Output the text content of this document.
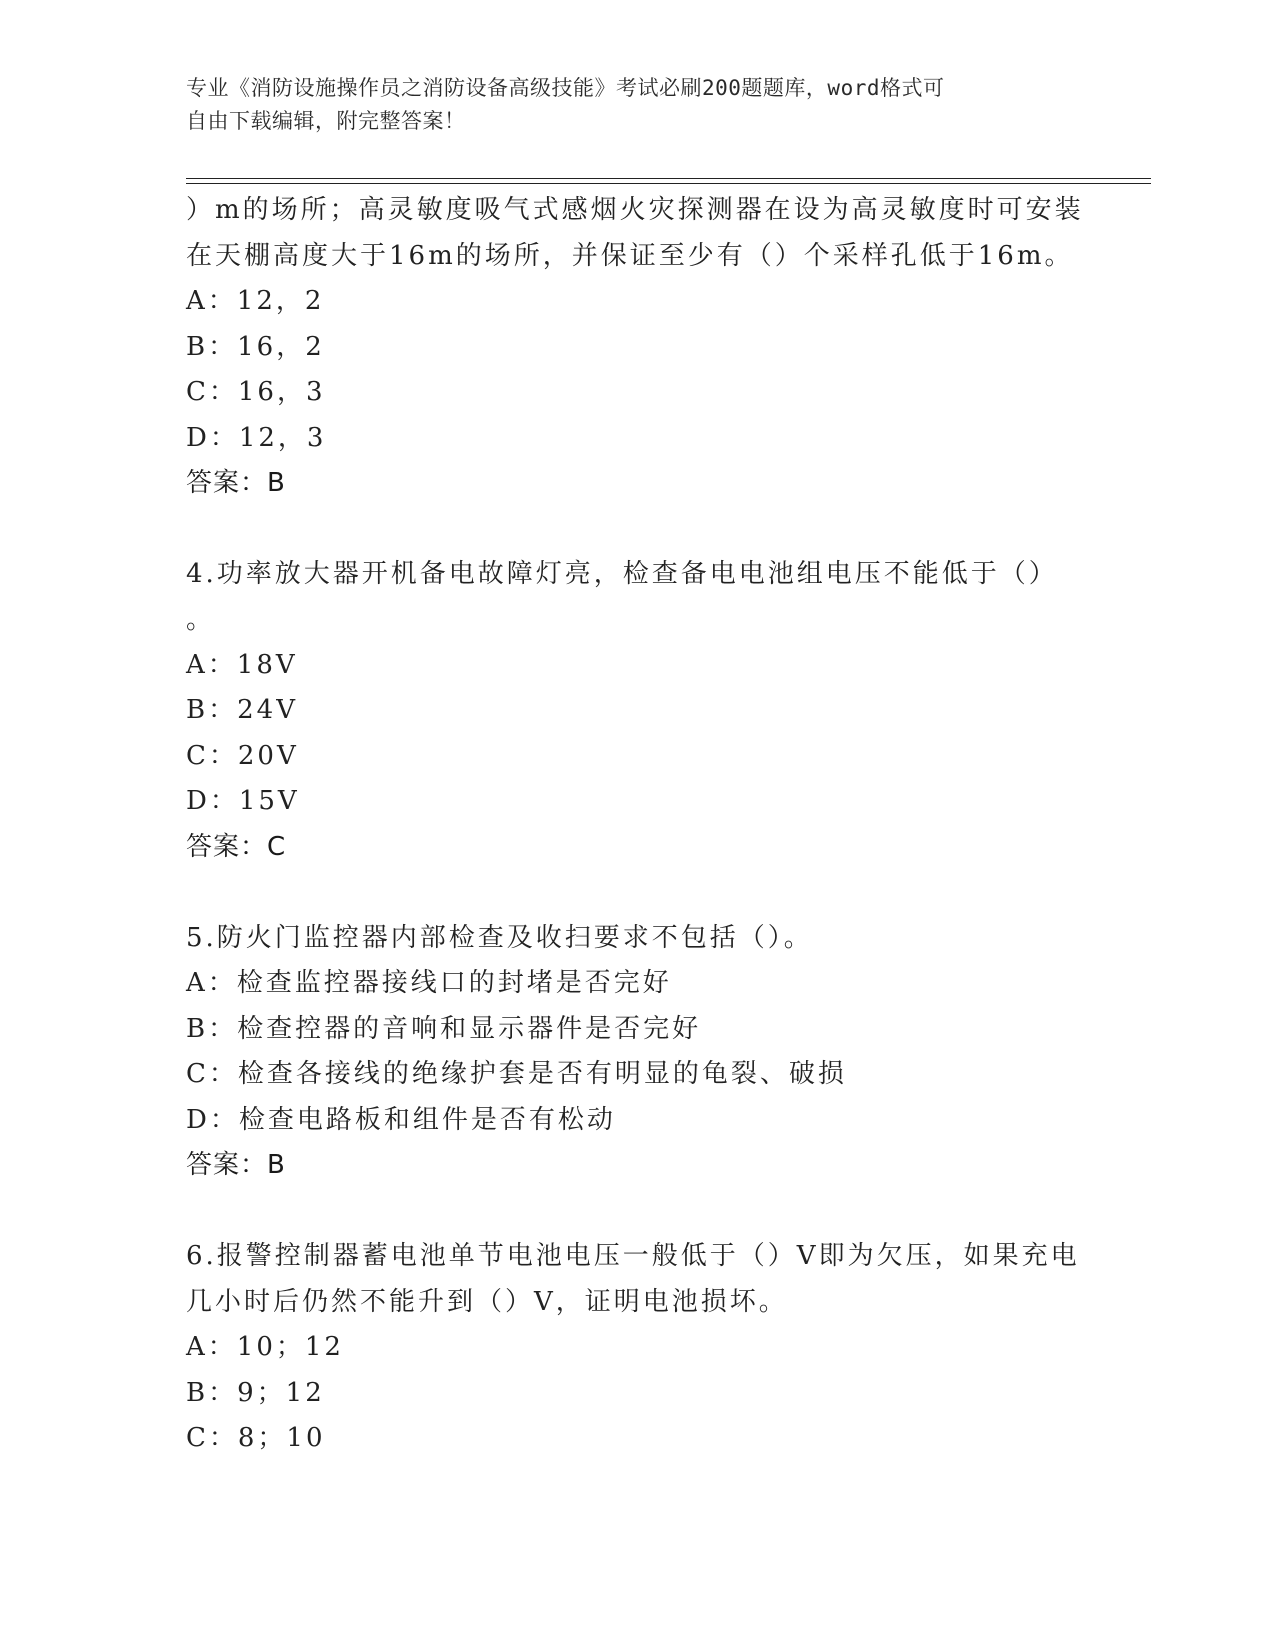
专业《消防设施操作员之消防设备高级技能》考试必刷200题题库，word格式可
自由下载编辑，附完整答案！
）m的场所；高灵敏度吸气式感烟火灾探测器在设为高灵敏度时可安装
在天棚高度大于16m的场所，并保证至少有（）个采样孔低于16m。
A：12，2
B：16，2
C：16，3
D：12，3
答案：B
4.功率放大器开机备电故障灯亮，检查备电电池组电压不能低于（）
。
A：18V
B：24V
C：20V
D：15V
答案：C
5.防火门监控器内部检查及收扫要求不包括（）。
A：检查监控器接线口的封堵是否完好
B：检查控器的音响和显示器件是否完好
C：检查各接线的绝缘护套是否有明显的龟裂、破损
D：检查电路板和组件是否有松动
答案：B
6.报警控制器蓄电池单节电池电压一般低于（）V即为欠压，如果充电
几小时后仍然不能升到（）V，证明电池损坏。
A：10；12
B：9；12
C：8；10
